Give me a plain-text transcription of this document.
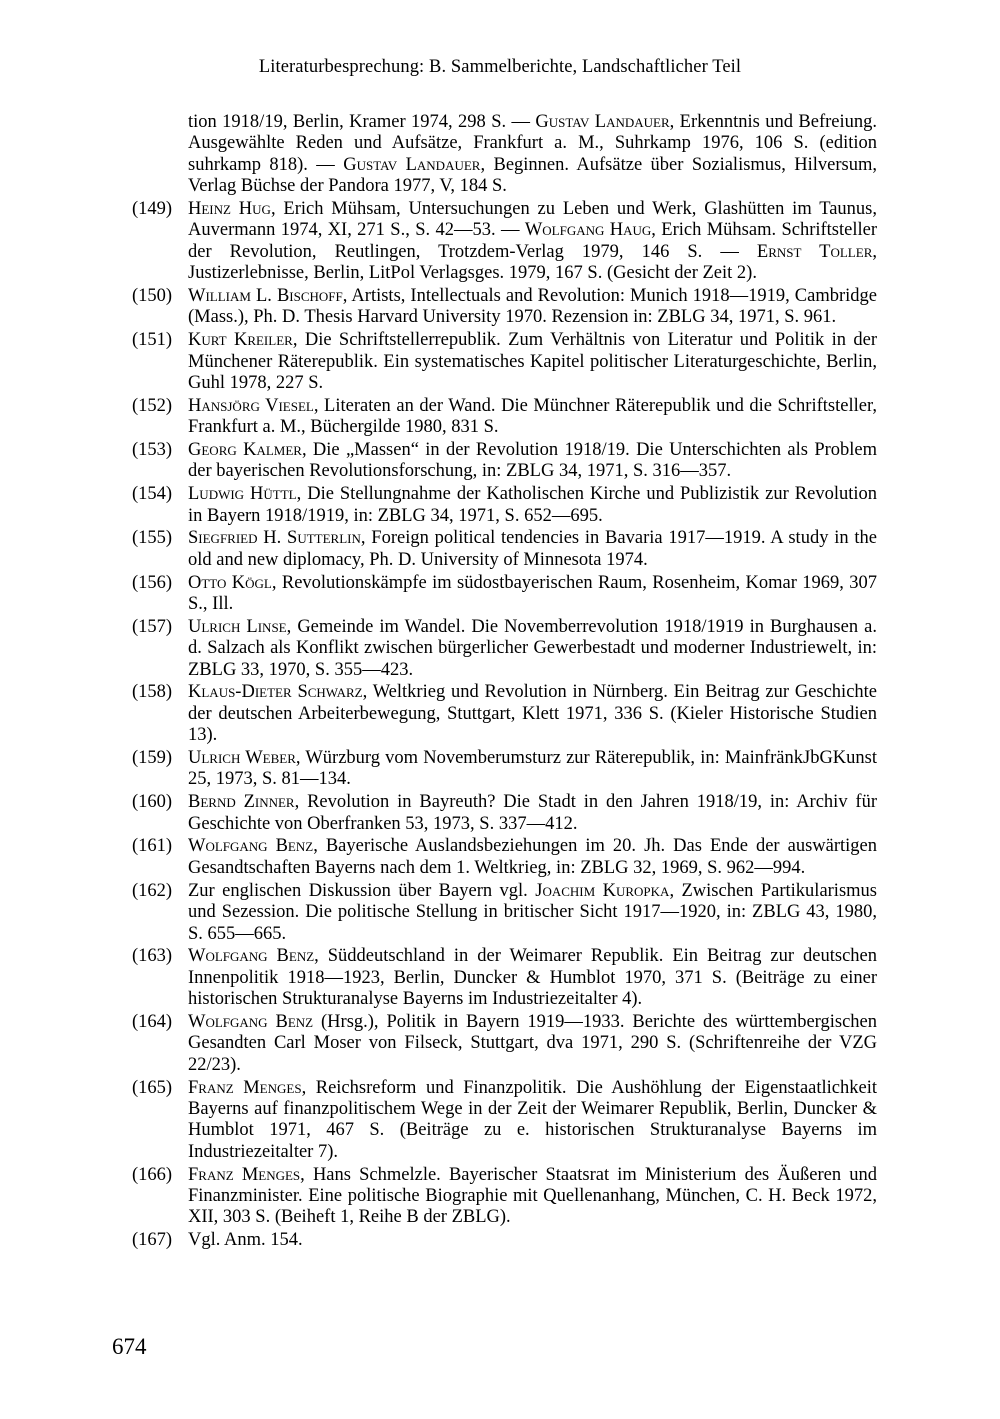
Literaturbesprechung: B. Sammelberichte, Landschaftlicher Teil
tion 1918/19, Berlin, Kramer 1974, 298 S. — Gustav Landauer, Erkenntnis und Befreiung. Ausgewählte Reden und Aufsätze, Frankfurt a. M., Suhrkamp 1976, 106 S. (edition suhrkamp 818). — Gustav Landauer, Beginnen. Aufsätze über Sozialismus, Hilversum, Verlag Büchse der Pandora 1977, V, 184 S.
(149) Heinz Hug, Erich Mühsam, Untersuchungen zu Leben und Werk, Glashütten im Taunus, Auvermann 1974, XI, 271 S., S. 42—53. — Wolfgang Haug, Erich Mühsam. Schriftsteller der Revolution, Reutlingen, Trotzdem-Verlag 1979, 146 S. — Ernst Toller, Justizerlebnisse, Berlin, LitPol Verlagsges. 1979, 167 S. (Gesicht der Zeit 2).
(150) William L. Bischoff, Artists, Intellectuals and Revolution: Munich 1918—1919, Cambridge (Mass.), Ph. D. Thesis Harvard University 1970. Rezension in: ZBLG 34, 1971, S. 961.
(151) Kurt Kreiler, Die Schriftstellerrepublik. Zum Verhältnis von Literatur und Politik in der Münchener Räterepublik. Ein systematisches Kapitel politischer Literaturgeschichte, Berlin, Guhl 1978, 227 S.
(152) Hansjörg Viesel, Literaten an der Wand. Die Münchner Räterepublik und die Schriftsteller, Frankfurt a. M., Büchergilde 1980, 831 S.
(153) Georg Kalmer, Die „Massen“ in der Revolution 1918/19. Die Unterschichten als Problem der bayerischen Revolutionsforschung, in: ZBLG 34, 1971, S. 316—357.
(154) Ludwig Hüttl, Die Stellungnahme der Katholischen Kirche und Publizistik zur Revolution in Bayern 1918/1919, in: ZBLG 34, 1971, S. 652—695.
(155) Siegfried H. Sutterlin, Foreign political tendencies in Bavaria 1917—1919. A study in the old and new diplomacy, Ph. D. University of Minnesota 1974.
(156) Otto Kögl, Revolutionskämpfe im südostbayerischen Raum, Rosenheim, Komar 1969, 307 S., Ill.
(157) Ulrich Linse, Gemeinde im Wandel. Die Novemberrevolution 1918/1919 in Burghausen a. d. Salzach als Konflikt zwischen bürgerlicher Gewerbestadt und moderner Industriewelt, in: ZBLG 33, 1970, S. 355—423.
(158) Klaus-Dieter Schwarz, Weltkrieg und Revolution in Nürnberg. Ein Beitrag zur Geschichte der deutschen Arbeiterbewegung, Stuttgart, Klett 1971, 336 S. (Kieler Historische Studien 13).
(159) Ulrich Weber, Würzburg vom Novemberumsturz zur Räterepublik, in: MainfränkJbGKunst 25, 1973, S. 81—134.
(160) Bernd Zinner, Revolution in Bayreuth? Die Stadt in den Jahren 1918/19, in: Archiv für Geschichte von Oberfranken 53, 1973, S. 337—412.
(161) Wolfgang Benz, Bayerische Auslandsbeziehungen im 20. Jh. Das Ende der auswärtigen Gesandtschaften Bayerns nach dem 1. Weltkrieg, in: ZBLG 32, 1969, S. 962—994.
(162) Zur englischen Diskussion über Bayern vgl. Joachim Kuropka, Zwischen Partikularismus und Sezession. Die politische Stellung in britischer Sicht 1917—1920, in: ZBLG 43, 1980, S. 655—665.
(163) Wolfgang Benz, Süddeutschland in der Weimarer Republik. Ein Beitrag zur deutschen Innenpolitik 1918—1923, Berlin, Duncker & Humblot 1970, 371 S. (Beiträge zu einer historischen Strukturanalyse Bayerns im Industriezeitalter 4).
(164) Wolfgang Benz (Hrsg.), Politik in Bayern 1919—1933. Berichte des württembergischen Gesandten Carl Moser von Filseck, Stuttgart, dva 1971, 290 S. (Schriftenreihe der VZG 22/23).
(165) Franz Menges, Reichsreform und Finanzpolitik. Die Aushöhlung der Eigenstaatlichkeit Bayerns auf finanzpolitischem Wege in der Zeit der Weimarer Republik, Berlin, Duncker & Humblot 1971, 467 S. (Beiträge zu e. historischen Strukturanalyse Bayerns im Industriezeitalter 7).
(166) Franz Menges, Hans Schmelzle. Bayerischer Staatsrat im Ministerium des Äußeren und Finanzminister. Eine politische Biographie mit Quellenanhang, München, C. H. Beck 1972, XII, 303 S. (Beiheft 1, Reihe B der ZBLG).
(167) Vgl. Anm. 154.
674
